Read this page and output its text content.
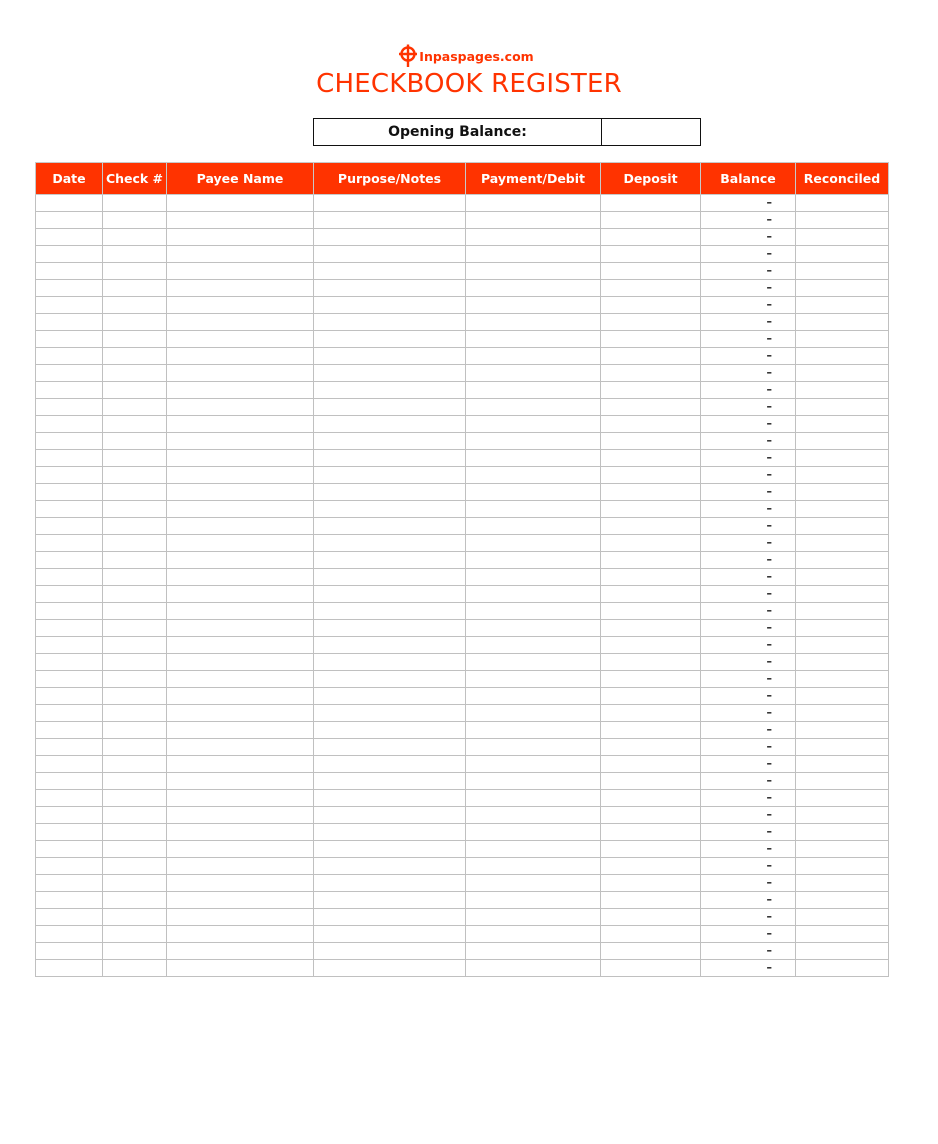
Inpaspages.com
CHECKBOOK REGISTER
Opening Balance:
Date	Check #	Payee Name	Purpose/Notes	Payment/Debit	Deposit	Balance	Reconciled
						–	
						–	
						–	
						–	
						–	
						–	
						–	
						–	
						–	
						–	
						–	
						–	
						–	
						–	
						–	
						–	
						–	
						–	
						–	
						–	
						–	
						–	
						–	
						–	
						–	
						–	
						–	
						–	
						–	
						–	
						–	
						–	
						–	
						–	
						–	
						–	
						–	
						–	
						–	
						–	
						–	
						–	
						–	
						–	
						–	
						–	
